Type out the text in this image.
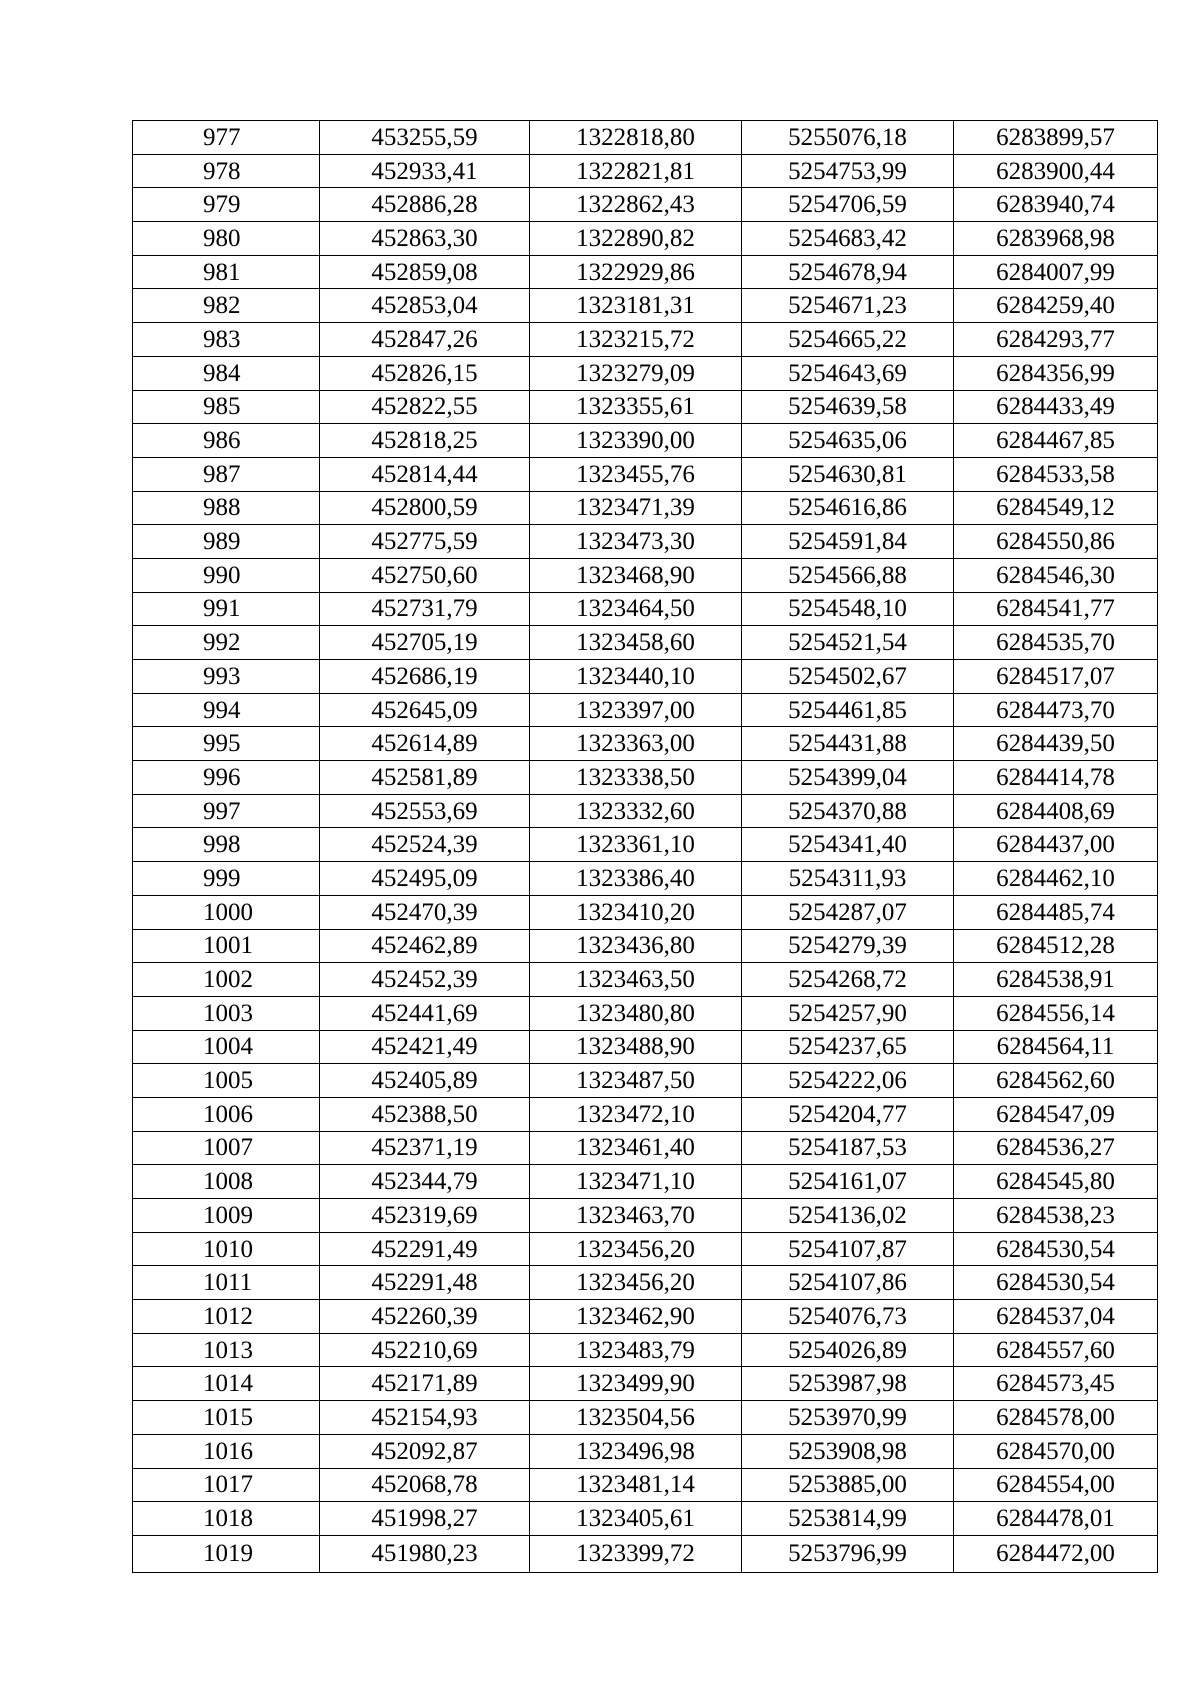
977	453255,59	1322818,80	5255076,18	6283899,57
978	452933,41	1322821,81	5254753,99	6283900,44
979	452886,28	1322862,43	5254706,59	6283940,74
980	452863,30	1322890,82	5254683,42	6283968,98
981	452859,08	1322929,86	5254678,94	6284007,99
982	452853,04	1323181,31	5254671,23	6284259,40
983	452847,26	1323215,72	5254665,22	6284293,77
984	452826,15	1323279,09	5254643,69	6284356,99
985	452822,55	1323355,61	5254639,58	6284433,49
986	452818,25	1323390,00	5254635,06	6284467,85
987	452814,44	1323455,76	5254630,81	6284533,58
988	452800,59	1323471,39	5254616,86	6284549,12
989	452775,59	1323473,30	5254591,84	6284550,86
990	452750,60	1323468,90	5254566,88	6284546,30
991	452731,79	1323464,50	5254548,10	6284541,77
992	452705,19	1323458,60	5254521,54	6284535,70
993	452686,19	1323440,10	5254502,67	6284517,07
994	452645,09	1323397,00	5254461,85	6284473,70
995	452614,89	1323363,00	5254431,88	6284439,50
996	452581,89	1323338,50	5254399,04	6284414,78
997	452553,69	1323332,60	5254370,88	6284408,69
998	452524,39	1323361,10	5254341,40	6284437,00
999	452495,09	1323386,40	5254311,93	6284462,10
1000	452470,39	1323410,20	5254287,07	6284485,74
1001	452462,89	1323436,80	5254279,39	6284512,28
1002	452452,39	1323463,50	5254268,72	6284538,91
1003	452441,69	1323480,80	5254257,90	6284556,14
1004	452421,49	1323488,90	5254237,65	6284564,11
1005	452405,89	1323487,50	5254222,06	6284562,60
1006	452388,50	1323472,10	5254204,77	6284547,09
1007	452371,19	1323461,40	5254187,53	6284536,27
1008	452344,79	1323471,10	5254161,07	6284545,80
1009	452319,69	1323463,70	5254136,02	6284538,23
1010	452291,49	1323456,20	5254107,87	6284530,54
1011	452291,48	1323456,20	5254107,86	6284530,54
1012	452260,39	1323462,90	5254076,73	6284537,04
1013	452210,69	1323483,79	5254026,89	6284557,60
1014	452171,89	1323499,90	5253987,98	6284573,45
1015	452154,93	1323504,56	5253970,99	6284578,00
1016	452092,87	1323496,98	5253908,98	6284570,00
1017	452068,78	1323481,14	5253885,00	6284554,00
1018	451998,27	1323405,61	5253814,99	6284478,01
1019	451980,23	1323399,72	5253796,99	6284472,00
